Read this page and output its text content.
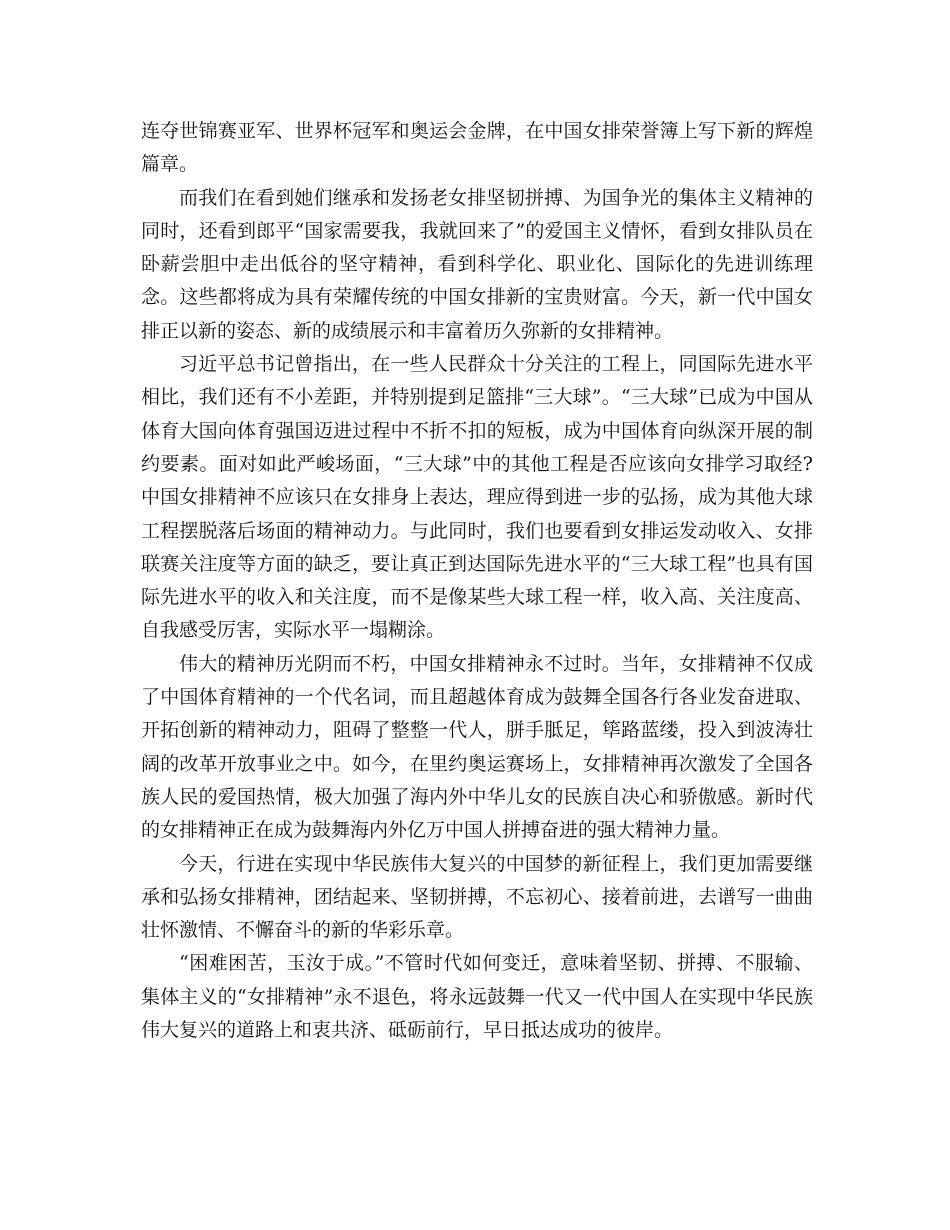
连夺世锦赛亚军、世界杯冠军和奥运会金牌，在中国女排荣誉簿上写下新的辉煌篇章。

而我们在看到她们继承和发扬老女排坚韧拼搏、为国争光的集体主义精神的同时，还看到郎平“国家需要我，我就回来了”的爱国主义情怀，看到女排队员在卧薪尝胆中走出低谷的坚守精神，看到科学化、职业化、国际化的先进训练理念。这些都将成为具有荣耀传统的中国女排新的宝贵财富。今天，新一代中国女排正以新的姿态、新的成绩展示和丰富着历久弥新的女排精神。

习近平总书记曾指出，在一些人民群众十分关注的工程上，同国际先进水平相比，我们还有不小差距，并特别提到足篮排“三大球”。“三大球”已成为中国从体育大国向体育强国迈进过程中不折不扣的短板，成为中国体育向纵深开展的制约要素。面对如此严峻场面，“三大球”中的其他工程是否应该向女排学习取经?中国女排精神不应该只在女排身上表达，理应得到进一步的弘扬，成为其他大球工程摆脱落后场面的精神动力。与此同时，我们也要看到女排运发动收入、女排联赛关注度等方面的缺乏，要让真正到达国际先进水平的“三大球工程”也具有国际先进水平的收入和关注度，而不是像某些大球工程一样，收入高、关注度高、自我感受厉害，实际水平一塌糊涂。

伟大的精神历光阴而不朽，中国女排精神永不过时。当年，女排精神不仅成了中国体育精神的一个代名词，而且超越体育成为鼓舞全国各行各业发奋进取、开拓创新的精神动力，阻碍了整整一代人，胼手胝足，筚路蓝缕，投入到波涛壮阔的改革开放事业之中。如今，在里约奥运赛场上，女排精神再次激发了全国各族人民的爱国热情，极大加强了海内外中华儿女的民族自决心和骄傲感。新时代的女排精神正在成为鼓舞海内外亿万中国人拼搏奋进的强大精神力量。

今天，行进在实现中华民族伟大复兴的中国梦的新征程上，我们更加需要继承和弘扬女排精神，团结起来、坚韧拼搏，不忘初心、接着前进，去谱写一曲曲壮怀激情、不懈奋斗的新的华彩乐章。

“困难困苦，玉汝于成。”不管时代如何变迁，意味着坚韧、拼搏、不服输、集体主义的“女排精神”永不退色，将永远鼓舞一代又一代中国人在实现中华民族伟大复兴的道路上和衷共济、砥砺前行，早日抵达成功的彼岸。
